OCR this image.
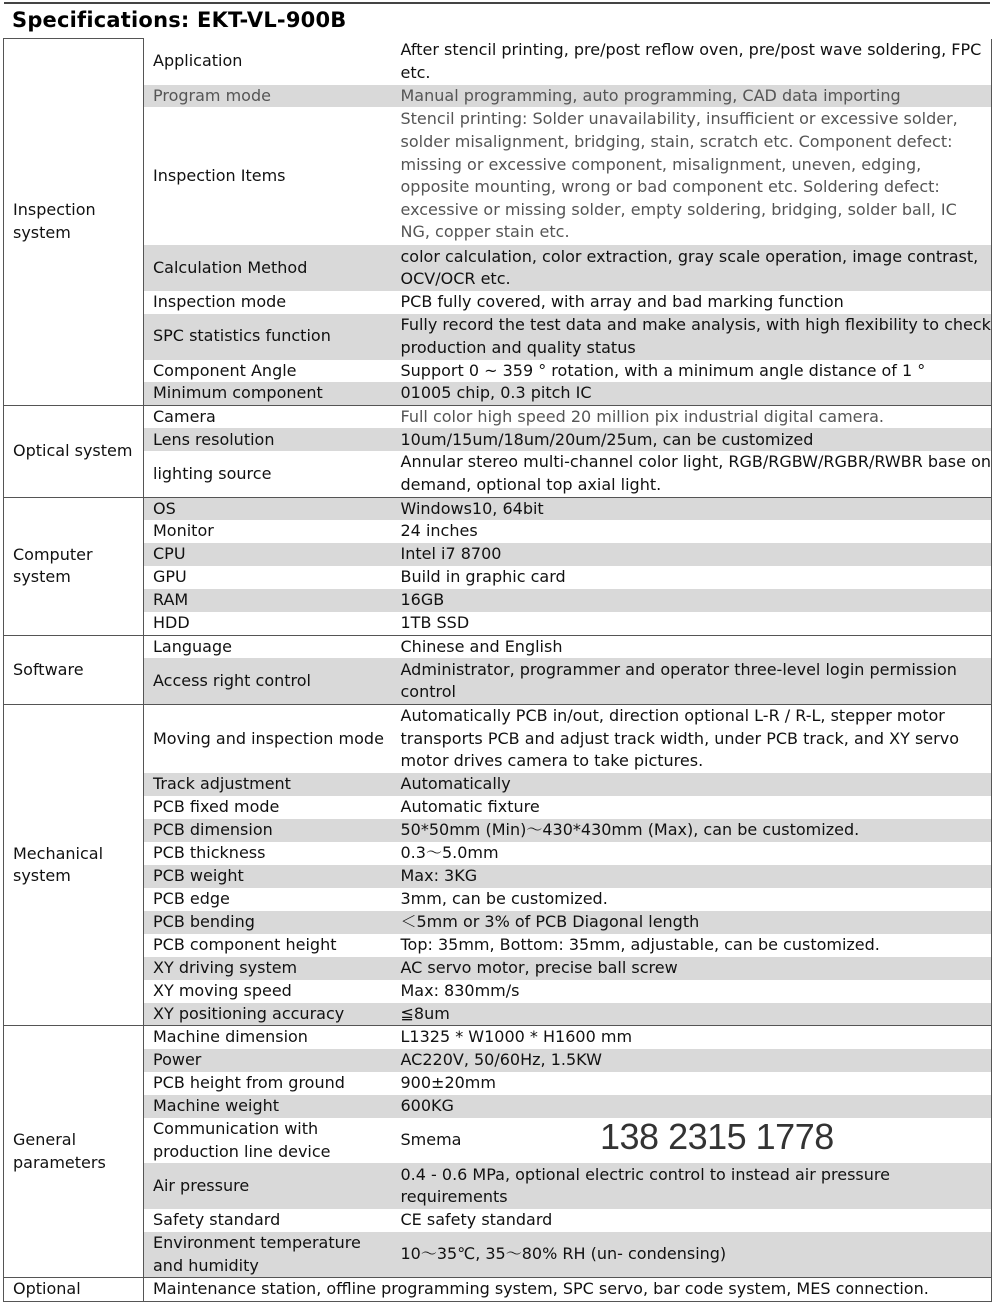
Specifications: EKT-VL-900B
Inspection system	Application	After stencil printing, pre/post reflow oven, pre/post wave soldering, FPC etc.
	Program mode	Manual programming, auto programming, CAD data importing
	Inspection Items	Stencil printing: Solder unavailability, insufficient or excessive solder, solder misalignment, bridging, stain, scratch etc. Component defect: missing or excessive component, misalignment, uneven, edging, opposite mounting, wrong or bad component etc. Soldering defect: excessive or missing solder, empty soldering, bridging, solder ball, IC NG, copper stain etc.
	Calculation Method	color calculation, color extraction, gray scale operation, image contrast, OCV/OCR etc.
	Inspection mode	PCB fully covered, with array and bad marking function
	SPC statistics function	Fully record the test data and make analysis, with high flexibility to check production and quality status
	Component Angle	Support 0 ~ 359 ° rotation, with a minimum angle distance of 1 °
	Minimum component	01005 chip, 0.3 pitch IC
Optical system	Camera	Full color high speed 20 million pix industrial digital camera.
	Lens resolution	10um/15um/18um/20um/25um, can be customized
	lighting source	Annular stereo multi-channel color light, RGB/RGBW/RGBR/RWBR base on demand, optional top axial light.
Computer system	OS	Windows10, 64bit
	Monitor	24 inches
	CPU	Intel i7 8700
	GPU	Build in graphic card
	RAM	16GB
	HDD	1TB SSD
Software	Language	Chinese and English
	Access right control	Administrator, programmer and operator three-level login permission control
Mechanical system	Moving and inspection mode	Automatically PCB in/out, direction optional L-R / R-L, stepper motor transports PCB and adjust track width, under PCB track, and XY servo motor drives camera to take pictures.
	Track adjustment	Automatically
	PCB fixed mode	Automatic fixture
	PCB dimension	50*50mm (Min)～430*430mm (Max), can be customized.
	PCB thickness	0.3～5.0mm
	PCB weight	Max: 3KG
	PCB edge	3mm, can be customized.
	PCB bending	＜5mm or 3% of PCB Diagonal length
	PCB component height	Top: 35mm, Bottom: 35mm, adjustable, can be customized.
	XY driving system	AC servo motor, precise ball screw
	XY moving speed	Max: 830mm/s
	XY positioning accuracy	≦8um
General parameters	Machine dimension	L1325 * W1000 * H1600 mm
	Power	AC220V, 50/60Hz, 1.5KW
	PCB height from ground	900±20mm
	Machine weight	600KG
	Communication with production line device	Smema
	Air pressure	0.4 - 0.6 MPa, optional electric control to instead air pressure requirements
	Safety standard	CE safety standard
	Environment temperature and humidity	10～35℃, 35～80% RH (un- condensing)
Optional	Maintenance station, offline programming system, SPC servo, bar code system, MES connection.	
138 2315 1778
